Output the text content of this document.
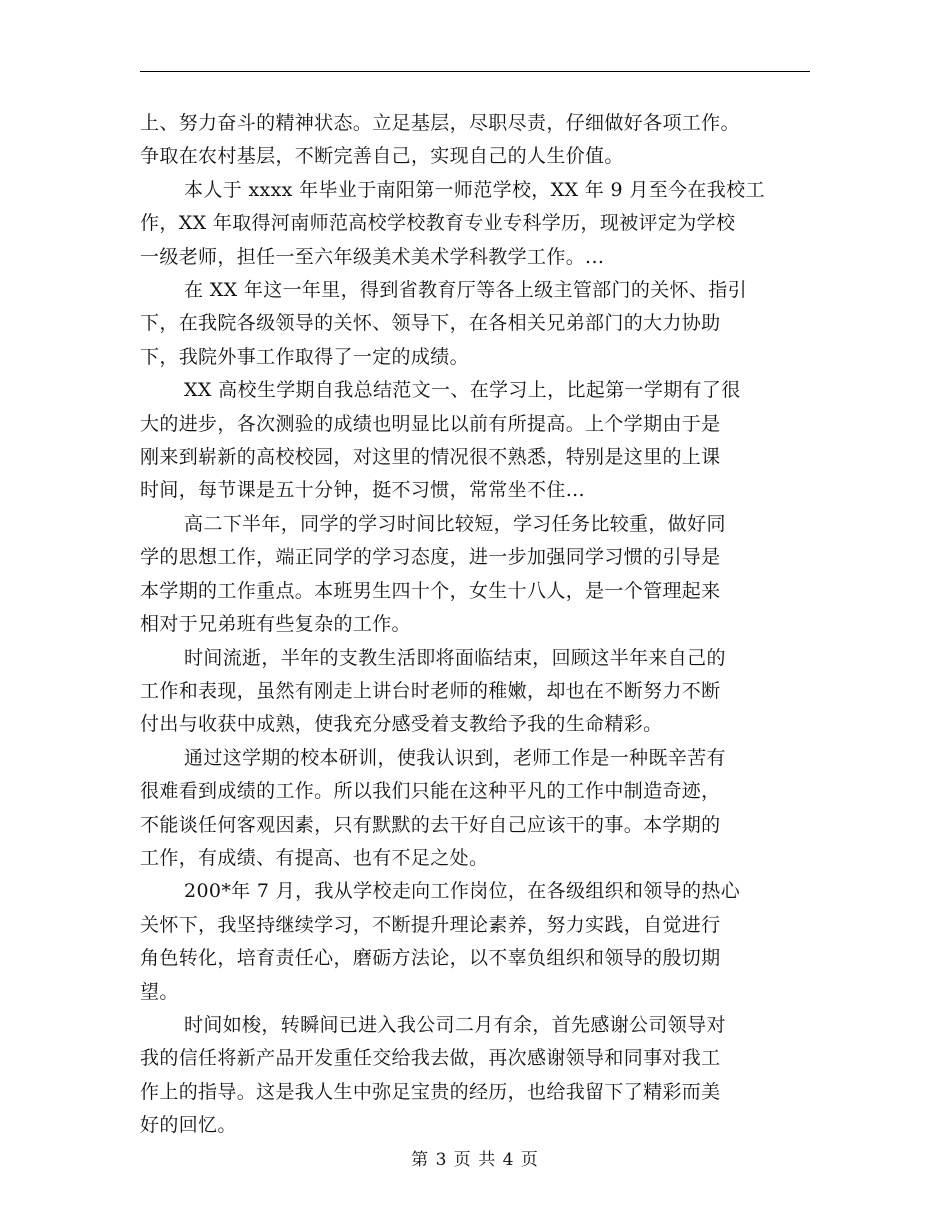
上、努力奋斗的精神状态。立足基层，尽职尽责，仔细做好各项工作。
争取在农村基层，不断完善自己，实现自己的人生价值。

本人于 xxxx 年毕业于南阳第一师范学校，XX 年 9 月至今在我校工
作，XX 年取得河南师范高校学校教育专业专科学历，现被评定为学校
一级老师，担任一至六年级美术美术学科教学工作。...

在 XX 年这一年里，得到省教育厅等各上级主管部门的关怀、指引
下，在我院各级领导的关怀、领导下，在各相关兄弟部门的大力协助
下，我院外事工作取得了一定的成绩。

XX 高校生学期自我总结范文一、在学习上，比起第一学期有了很
大的进步，各次测验的成绩也明显比以前有所提高。上个学期由于是
刚来到崭新的高校校园，对这里的情况很不熟悉，特别是这里的上课
时间，每节课是五十分钟，挺不习惯，常常坐不住...

高二下半年，同学的学习时间比较短，学习任务比较重，做好同
学的思想工作，端正同学的学习态度，进一步加强同学习惯的引导是
本学期的工作重点。本班男生四十个，女生十八人，是一个管理起来
相对于兄弟班有些复杂的工作。

时间流逝，半年的支教生活即将面临结束，回顾这半年来自己的
工作和表现，虽然有刚走上讲台时老师的稚嫩，却也在不断努力不断
付出与收获中成熟，使我充分感受着支教给予我的生命精彩。

通过这学期的校本研训，使我认识到，老师工作是一种既辛苦有
很难看到成绩的工作。所以我们只能在这种平凡的工作中制造奇迹，
不能谈任何客观因素，只有默默的去干好自己应该干的事。本学期的
工作，有成绩、有提高、也有不足之处。

200*年 7 月，我从学校走向工作岗位，在各级组织和领导的热心
关怀下，我坚持继续学习，不断提升理论素养，努力实践，自觉进行
角色转化，培育责任心，磨砺方法论，以不辜负组织和领导的殷切期
望。

时间如梭，转瞬间已进入我公司二月有余，首先感谢公司领导对
我的信任将新产品开发重任交给我去做，再次感谢领导和同事对我工
作上的指导。这是我人生中弥足宝贵的经历，也给我留下了精彩而美
好的回忆。

第 3 页 共 4 页
